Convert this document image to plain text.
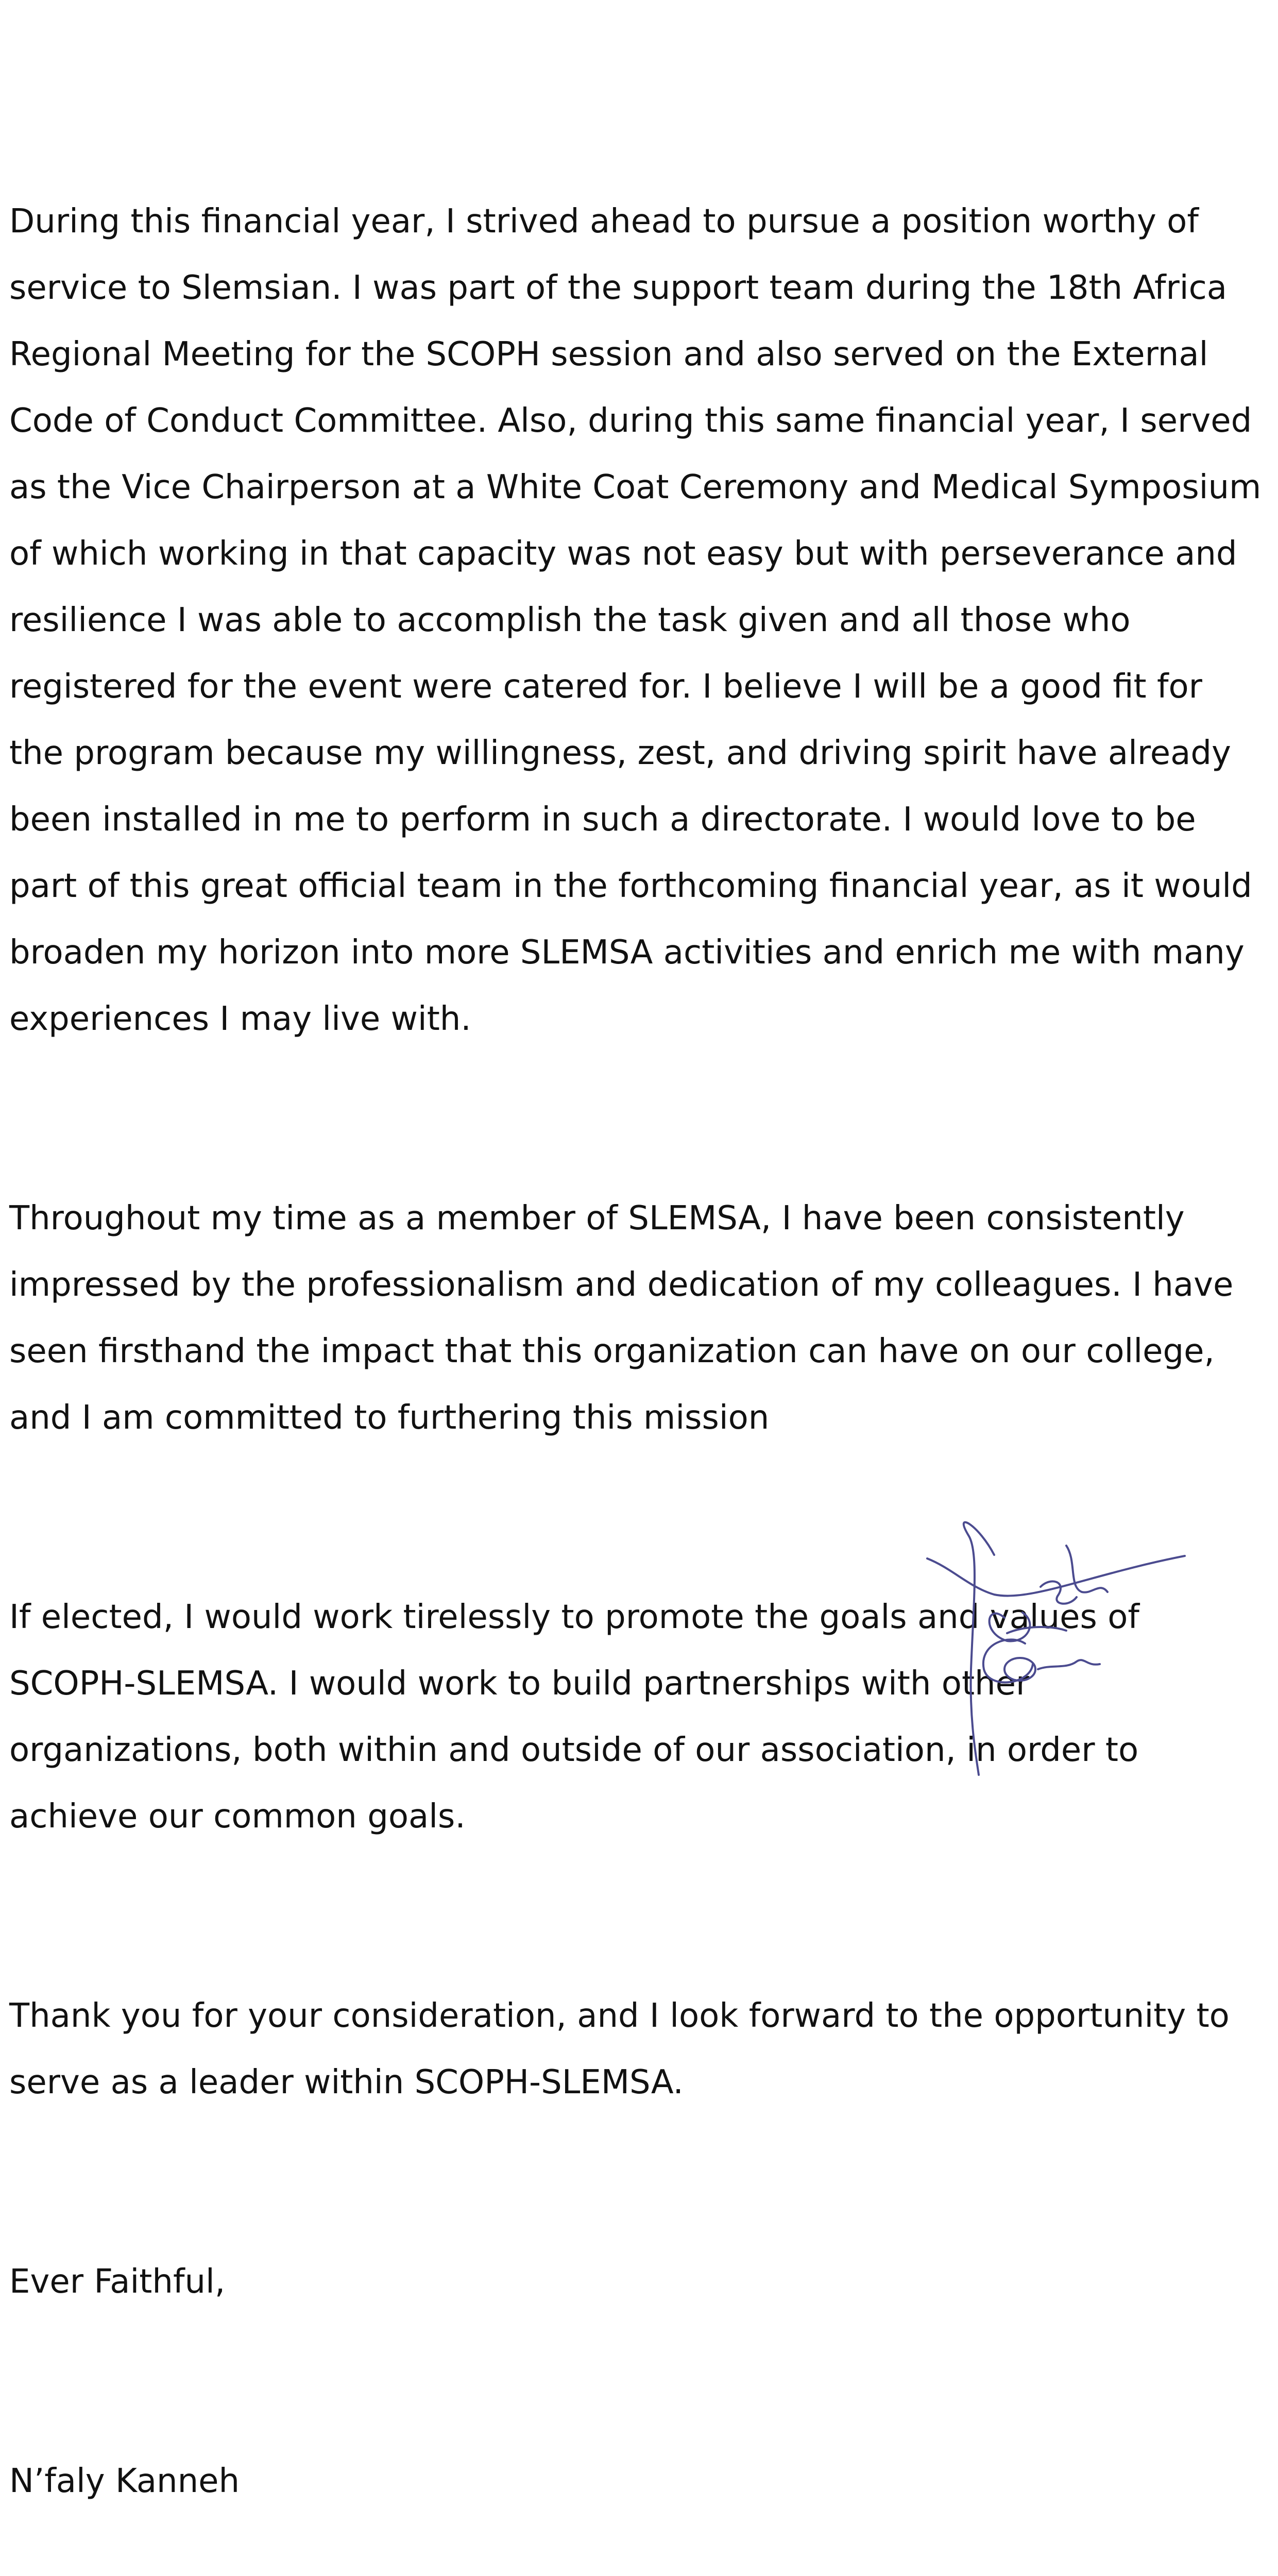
During this financial year, I strived ahead to pursue a position worthy of service to Slemsian. I was part of the support team during the 18th Africa Regional Meeting for the SCOPH session and also served on the External Code of Conduct Committee. Also, during this same financial year, I served as the Vice Chairperson at a White Coat Ceremony and Medical Symposium of which working in that capacity was not easy but with perseverance and resilience I was able to accomplish the task given and all those who registered for the event were catered for. I believe I will be a good fit for the program because my willingness, zest, and driving spirit have already been installed in me to perform in such a directorate. I would love to be part of this great official team in the forthcoming financial year, as it would broaden my horizon into more SLEMSA activities and enrich me with many experiences I may live with.

Throughout my time as a member of SLEMSA, I have been consistently impressed by the professionalism and dedication of my colleagues. I have seen firsthand the impact that this organization can have on our college, and I am committed to furthering this mission

If elected, I would work tirelessly to promote the goals and values of SCOPH-SLEMSA. I would work to build partnerships with other organizations, both within and outside of our association, in order to achieve our common goals.

Thank you for your consideration, and I look forward to the opportunity to serve as a leader within SCOPH-SLEMSA.

Ever Faithful,

N’faly Kanneh
